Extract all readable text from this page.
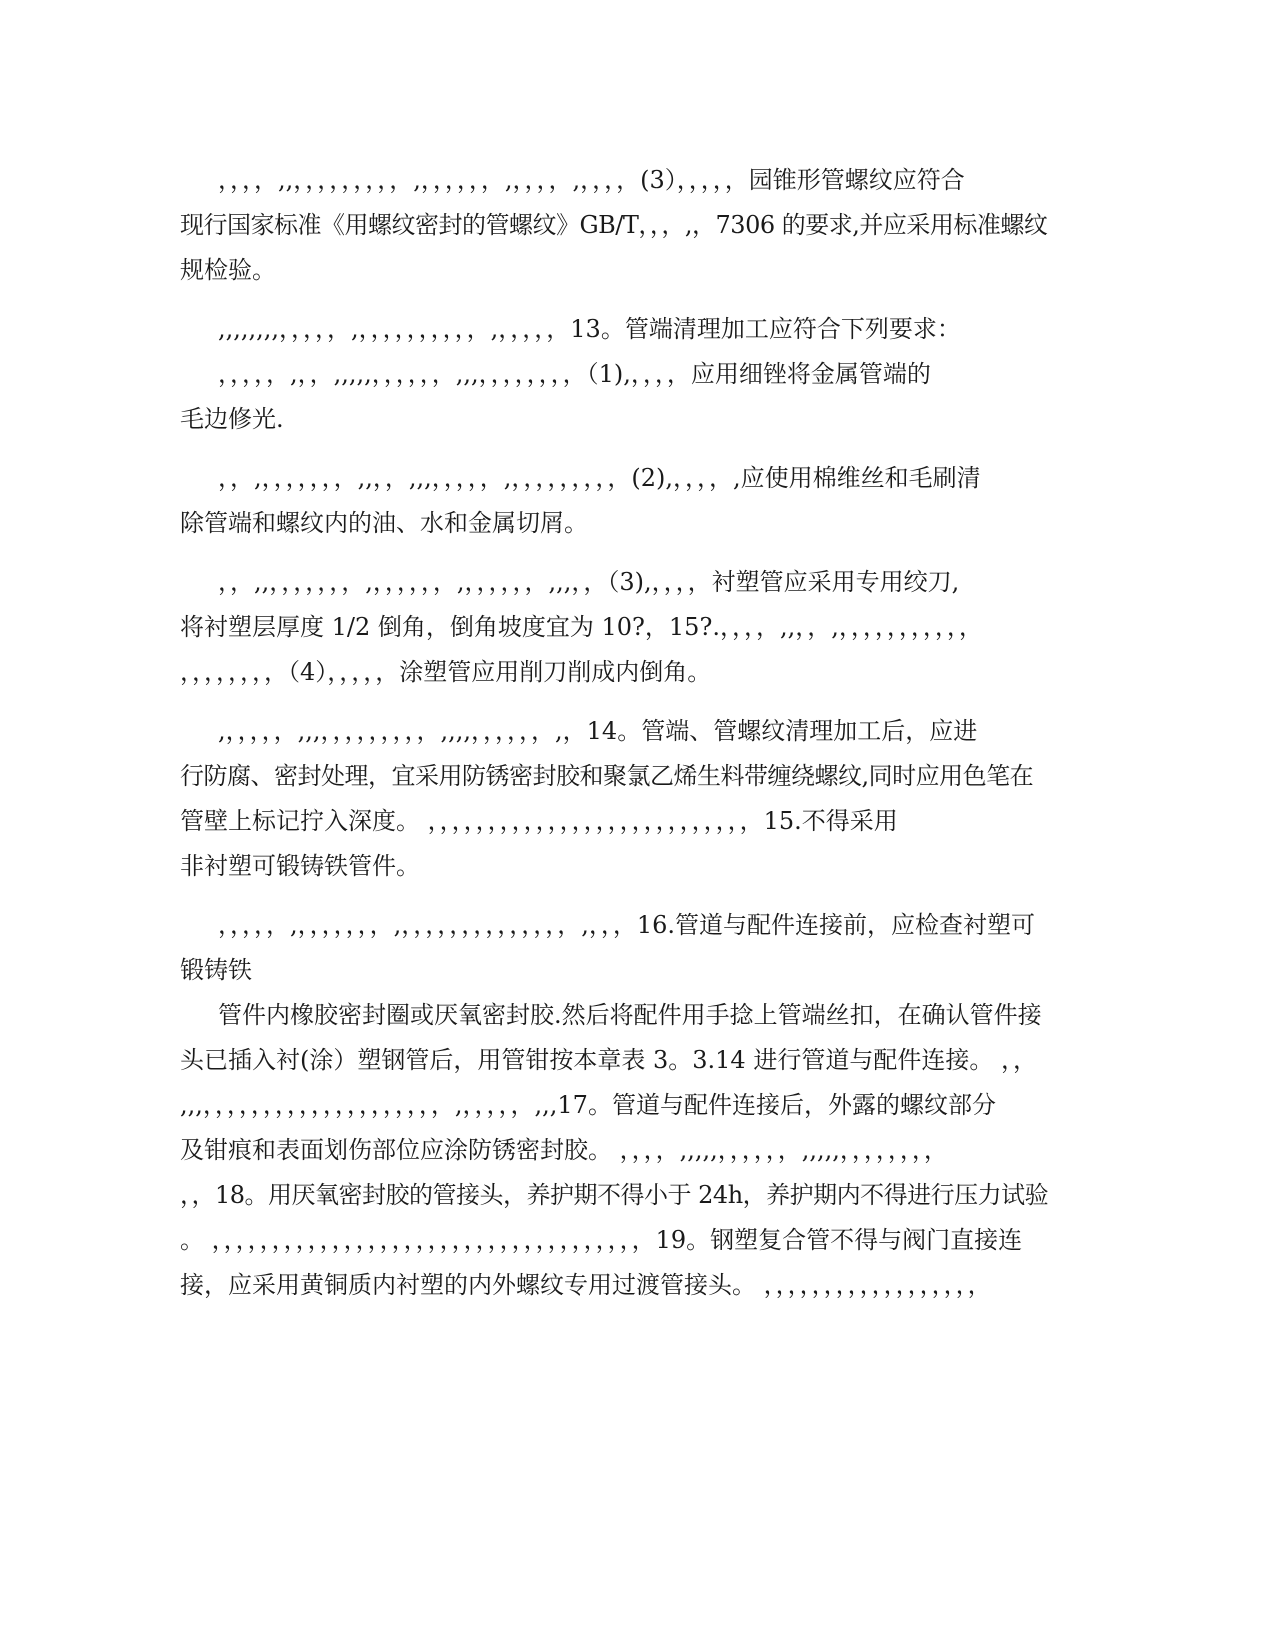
，，，，,,，，，，，，，，，,，，，，，，,，，，，,，，，，(3），，，，，园锥形管螺纹应符合
现行国家标准《用螺纹密封的管螺纹》GB/T，，，,，7306 的要求,并应采用标准螺纹
规检验。
,,,,,,,,，，，，，,，，，，，，，，，，,，，，，，13。管端清理加工应符合下列要求：
，，，，，,，，,,,,,，，，，，，,,,，，，，，，，，（1),，，，，应用细锉将金属管端的
毛边修光.
，，,，，，，，，，,,，，,,,，，，，，,，，，，，，，，，(2),，，，，,应使用棉维丝和毛刷清
除管端和螺纹内的油、水和金属切屑。
，，,,，，，，，，，,，，，，，，,，，，，，，,,,，，（3),，，，，衬塑管应采用专用绞刀,
将衬塑层厚度 1/2 倒角，倒角坡度宜为 10?，15?.，，，，,,，，,，，，，，，，，，，，
，，，，，，，，（4），，，，，涂塑管应用削刀削成内倒角。
,，，，，，,,,，，，，，，，，，,,,,，，，，，，,，14。管端、管螺纹清理加工后，应进
行防腐、密封处理，宜采用防锈密封胶和聚氯乙烯生料带缠绕螺纹,同时应用色笔在
管壁上标记拧入深度。 ，，，，，，，，，，，，，，，，，，，，，，，，，，，15.不得采用
非衬塑可锻铸铁管件。
，，，，，,，，，，，，，,，，，，，，，，，，，，，，,，，，16.管道与配件连接前，应检查衬塑可
锻铸铁
管件内橡胶密封圈或厌氧密封胶.然后将配件用手捻上管端丝扣，在确认管件接
头已插入衬(涂）塑钢管后，用管钳按本章表 3。3.14 进行管道与配件连接。 ，，
,,,，，，，，，，，，，，，，，，，，，，，,，，，，，,,,17。管道与配件连接后，外露的螺纹部分
及钳痕和表面划伤部位应涂防锈密封胶。 ，，，，,,,,,，，，，，，,,,,,，，，，，，，，
，，18。用厌氧密封胶的管接头，养护期不得小于 24h，养护期内不得进行压力试验
。 ，，，，，，，，，，，，，，，，，，，，，，，，，，，，，，，，，，，，19。钢塑复合管不得与阀门直接连
接，应采用黄铜质内衬塑的内外螺纹专用过渡管接头。 ，，，，，，，，，，，，，，，，，，
